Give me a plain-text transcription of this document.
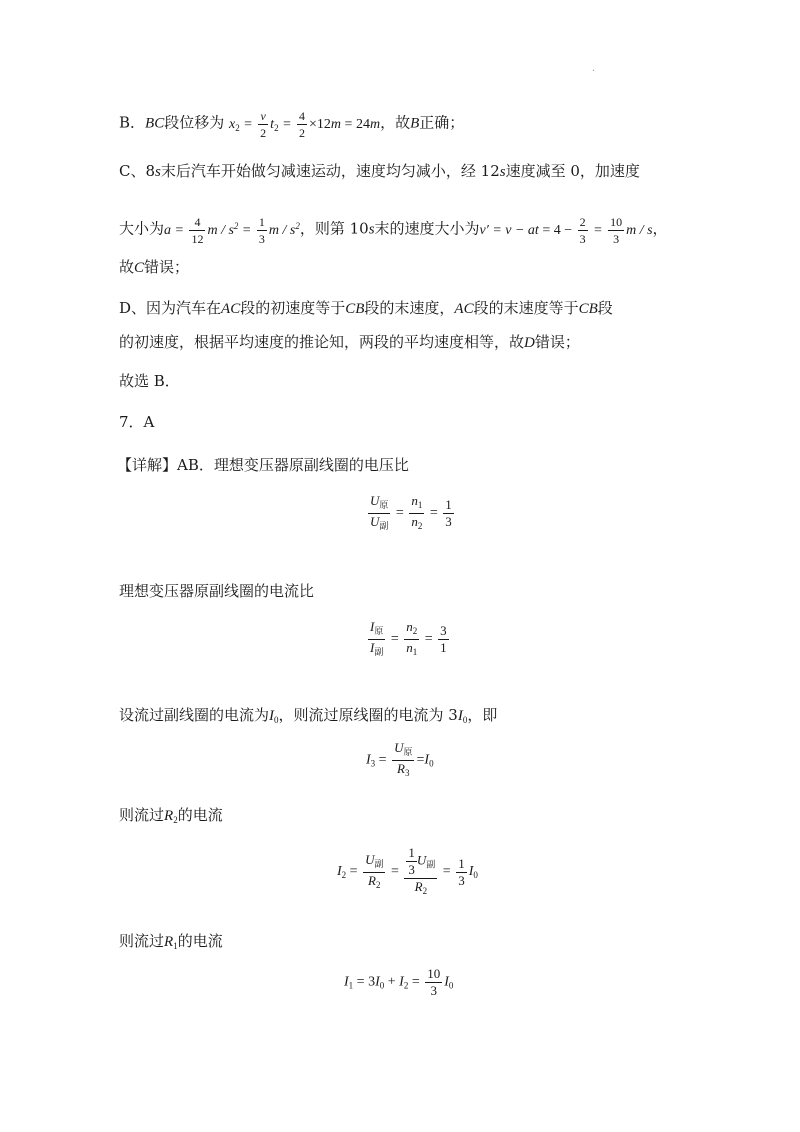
·
B．BC段位移为 $x_2 = \frac{v}{2} t_2 = \frac{4}{2} \times 12m = 24m$，故B正确；
C、8s末后汽车开始做匀减速运动，速度均匀减小，经 12s速度减至 0，加速度
大小为$a = \frac{4}{12}$ $m / s^2 = \frac{1}{3}$ m / $s^2$，则第 10s末的速度大小为v′ = v − at = $4 - \frac{2}{3} = \frac{10}{3}$ m / s，
故C错误；
D、因为汽车在AC段的初速度等于CB段的末速度，AC段的末速度等于CB段
的初速度，根据平均速度的推论知，两段的平均速度相等，故D错误；
故选 B．
7．A
【详解】AB．理想变压器原副线圈的电压比
$\frac{U_原}{U_副} = \frac{n_1}{n_2} = \frac{1}{3}$
理想变压器原副线圈的电流比
$\frac{I_原}{I_副} = \frac{n_2}{n_1} = \frac{3}{1}$
设流过副线圈的电流为$I_0$，则流过原线圈的电流为 $3I_0$，即
$I_3 = \frac{U_原}{R_3} =I_0$
则流过$R_2$的电流
$I_2 = \frac{U_副}{R_2} = \frac{\frac{1}{3} U_副}{R_2} = \frac{1}{3} I_0$
则流过$R_1$的电流
$I_1 = 3I_0 + I_2 = \frac{10}{3} I_0$
